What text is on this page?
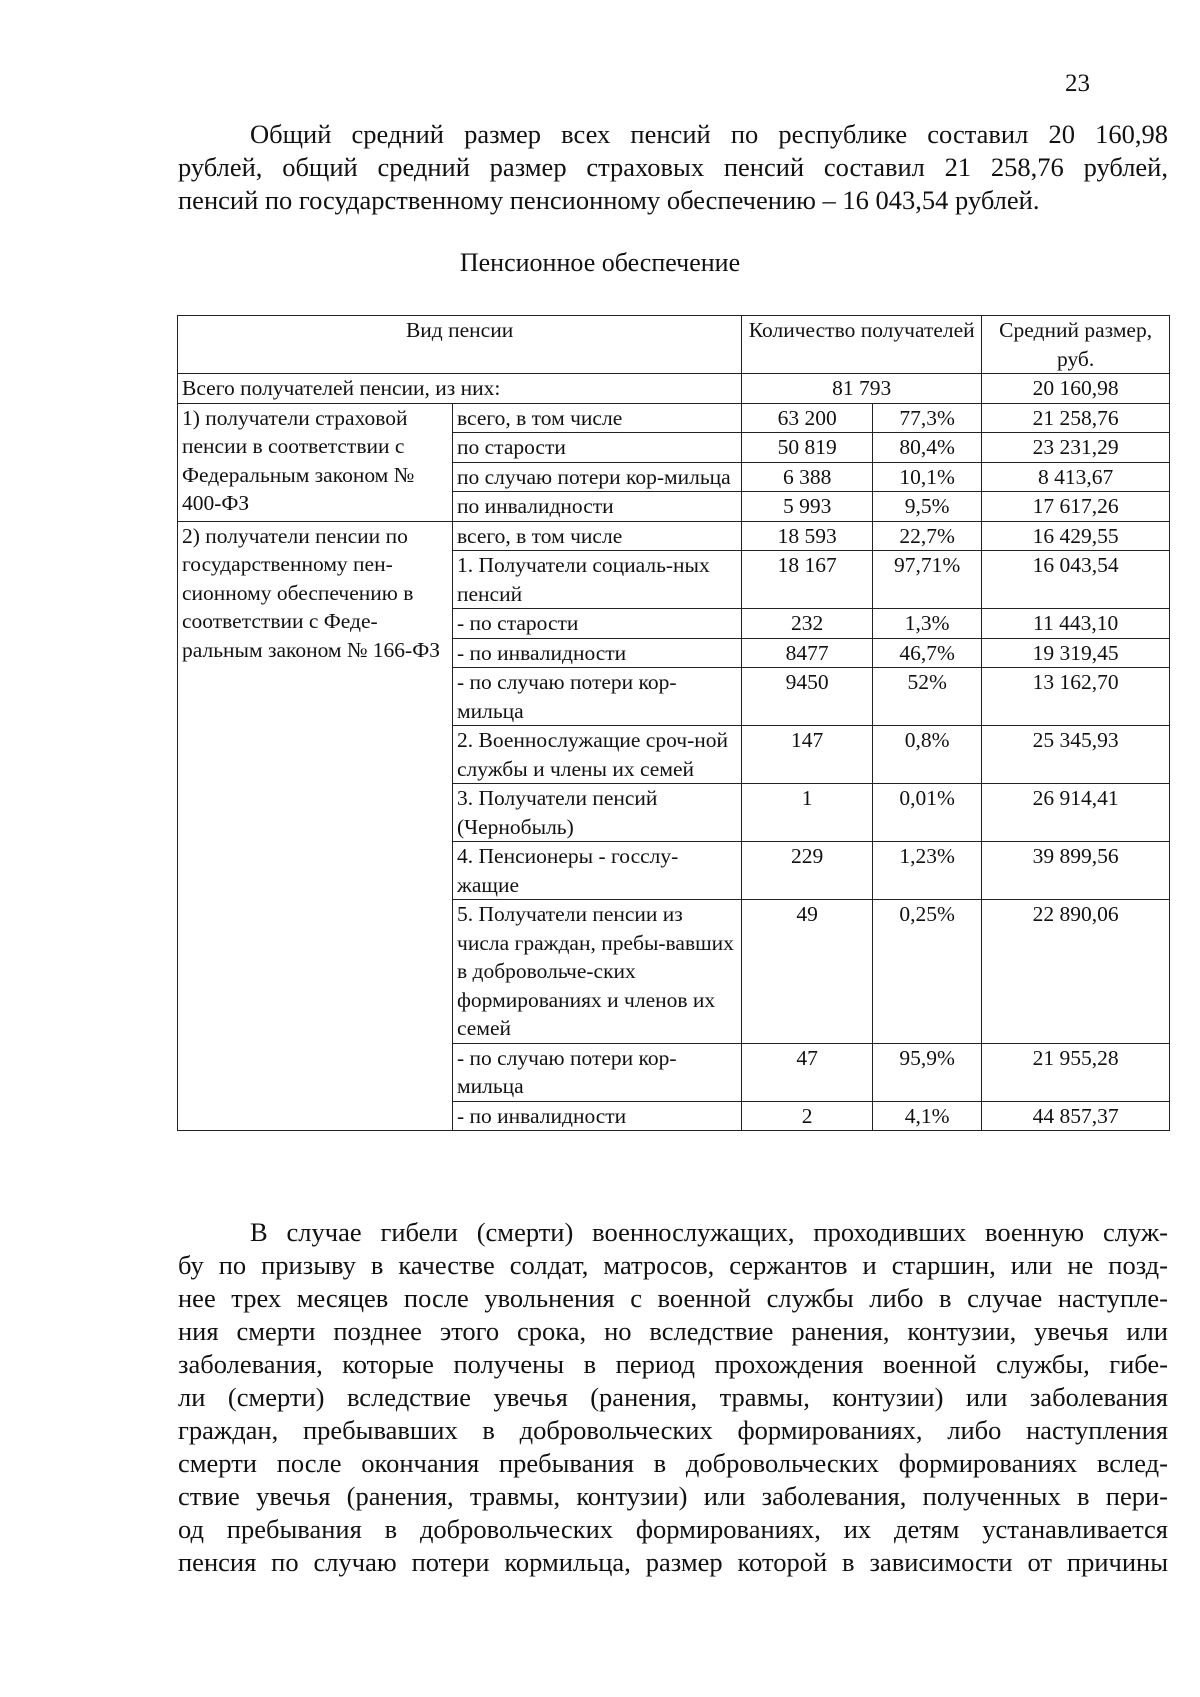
23

Общий средний размер всех пенсий по республике составил 20 160,98
рублей, общий средний размер страховых пенсий составил 21 258,76 рублей,
пенсий по государственному пенсионному обеспечению – 16 043,54 рублей.

Пенсионное обеспечение
Вид пенсии		Количество получателей		Средний размер, руб.
Всего получателей пенсии, из них:		81 793		20 160,98
1) получатели страховой пенсии в соответствии с Федеральным законом № 400-ФЗ	всего, в том числе	63 200	77,3%	21 258,76
	по старости	50 819	80,4%	23 231,29
	по случаю потери кор-мильца	6 388	10,1%	8 413,67
	по инвалидности	5 993	9,5%	17 617,26
2) получатели пенсии по государственному пен-сионному обеспечению в соответствии с Феде-ральным законом № 166-ФЗ	всего, в том числе	18 593	22,7%	16 429,55
	1. Получатели социаль-ных пенсий	18 167	97,71%	16 043,54
	- по старости	232	1,3%	11 443,10
	- по инвалидности	8477	46,7%	19 319,45
	- по случаю потери кор-мильца	9450	52%	13 162,70
	2. Военнослужащие сроч-ной службы и члены их семей	147	0,8%	25 345,93
	3. Получатели пенсий (Чернобыль)	1	0,01%	26 914,41
	4. Пенсионеры - госслу-жащие	229	1,23%	39 899,56
	5. Получатели пенсии из числа граждан, пребы-вавших в добровольче-ских формированиях и членов их семей	49	0,25%	22 890,06
	- по случаю потери кор-мильца	47	95,9%	21 955,28
	- по инвалидности	2	4,1%	44 857,37

В случае гибели (смерти) военнослужащих, проходивших военную служ-
бу по призыву в качестве солдат, матросов, сержантов и старшин, или не позд-
нее трех месяцев после увольнения с военной службы либо в случае наступле-
ния смерти позднее этого срока, но вследствие ранения, контузии, увечья или
заболевания, которые получены в период прохождения военной службы, гибе-
ли (смерти) вследствие увечья (ранения, травмы, контузии) или заболевания
граждан, пребывавших в добровольческих формированиях, либо наступления
смерти после окончания пребывания в добровольческих формированиях вслед-
ствие увечья (ранения, травмы, контузии) или заболевания, полученных в пери-
од пребывания в добровольческих формированиях, их детям устанавливается
пенсия по случаю потери кормильца, размер которой в зависимости от причины
